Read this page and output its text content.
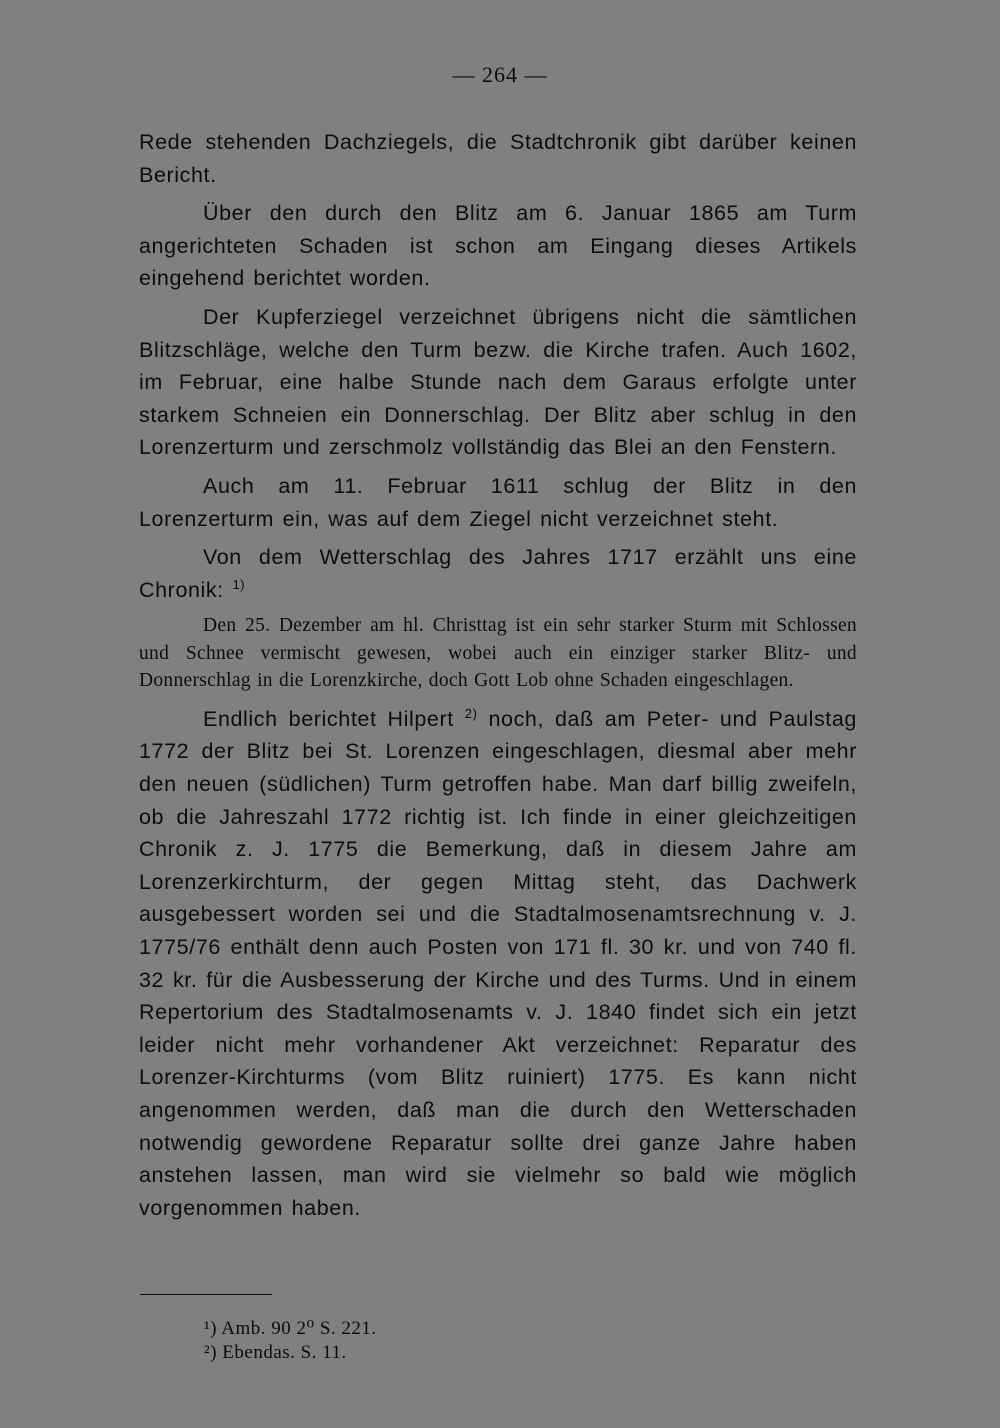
— 264 —

Rede stehenden Dachziegels, die Stadtchronik gibt darüber keinen Bericht.

Über den durch den Blitz am 6. Januar 1865 am Turm angerichteten Schaden ist schon am Eingang dieses Artikels eingehend berichtet worden.

Der Kupferziegel verzeichnet übrigens nicht die sämtlichen Blitzschläge, welche den Turm bezw. die Kirche trafen. Auch 1602, im Februar, eine halbe Stunde nach dem Garaus erfolgte unter starkem Schneien ein Donnerschlag. Der Blitz aber schlug in den Lorenzerturm und zerschmolz vollständig das Blei an den Fenstern.

Auch am 11. Februar 1611 schlug der Blitz in den Lorenzerturm ein, was auf dem Ziegel nicht verzeichnet steht.

Von dem Wetterschlag des Jahres 1717 erzählt uns eine Chronik: $^{1)}$

Den 25. Dezember am hl. Christtag ist ein sehr starker Sturm mit Schlossen und Schnee vermischt gewesen, wobei auch ein einziger starker Blitz- und Donnerschlag in die Lorenzkirche, doch Gott Lob ohne Schaden eingeschlagen.

Endlich berichtet Hilpert $^{2)}$ noch, daß am Peter- und Paulstag 1772 der Blitz bei St. Lorenzen eingeschlagen, diesmal aber mehr den neuen (südlichen) Turm getroffen habe. Man darf billig zweifeln, ob die Jahreszahl 1772 richtig ist. Ich finde in einer gleichzeitigen Chronik z. J. 1775 die Bemerkung, daß in diesem Jahre am Lorenzerkirchturm, der gegen Mittag steht, das Dachwerk ausgebessert worden sei und die Stadtalmosenamtsrechnung v. J. 1775/76 enthält denn auch Posten von 171 fl. 30 kr. und von 740 fl. 32 kr. für die Ausbesserung der Kirche und des Turms. Und in einem Repertorium des Stadtalmosenamts v. J. 1840 findet sich ein jetzt leider nicht mehr vorhandener Akt verzeichnet: Reparatur des Lorenzer-Kirchturms (vom Blitz ruiniert) 1775. Es kann nicht angenommen werden, daß man die durch den Wetterschaden notwendig gewordene Reparatur sollte drei ganze Jahre haben anstehen lassen, man wird sie vielmehr so bald wie möglich vorgenommen haben.

¹) Amb. 90 2⁰ S. 221.
²) Ebendas. S. 11.
